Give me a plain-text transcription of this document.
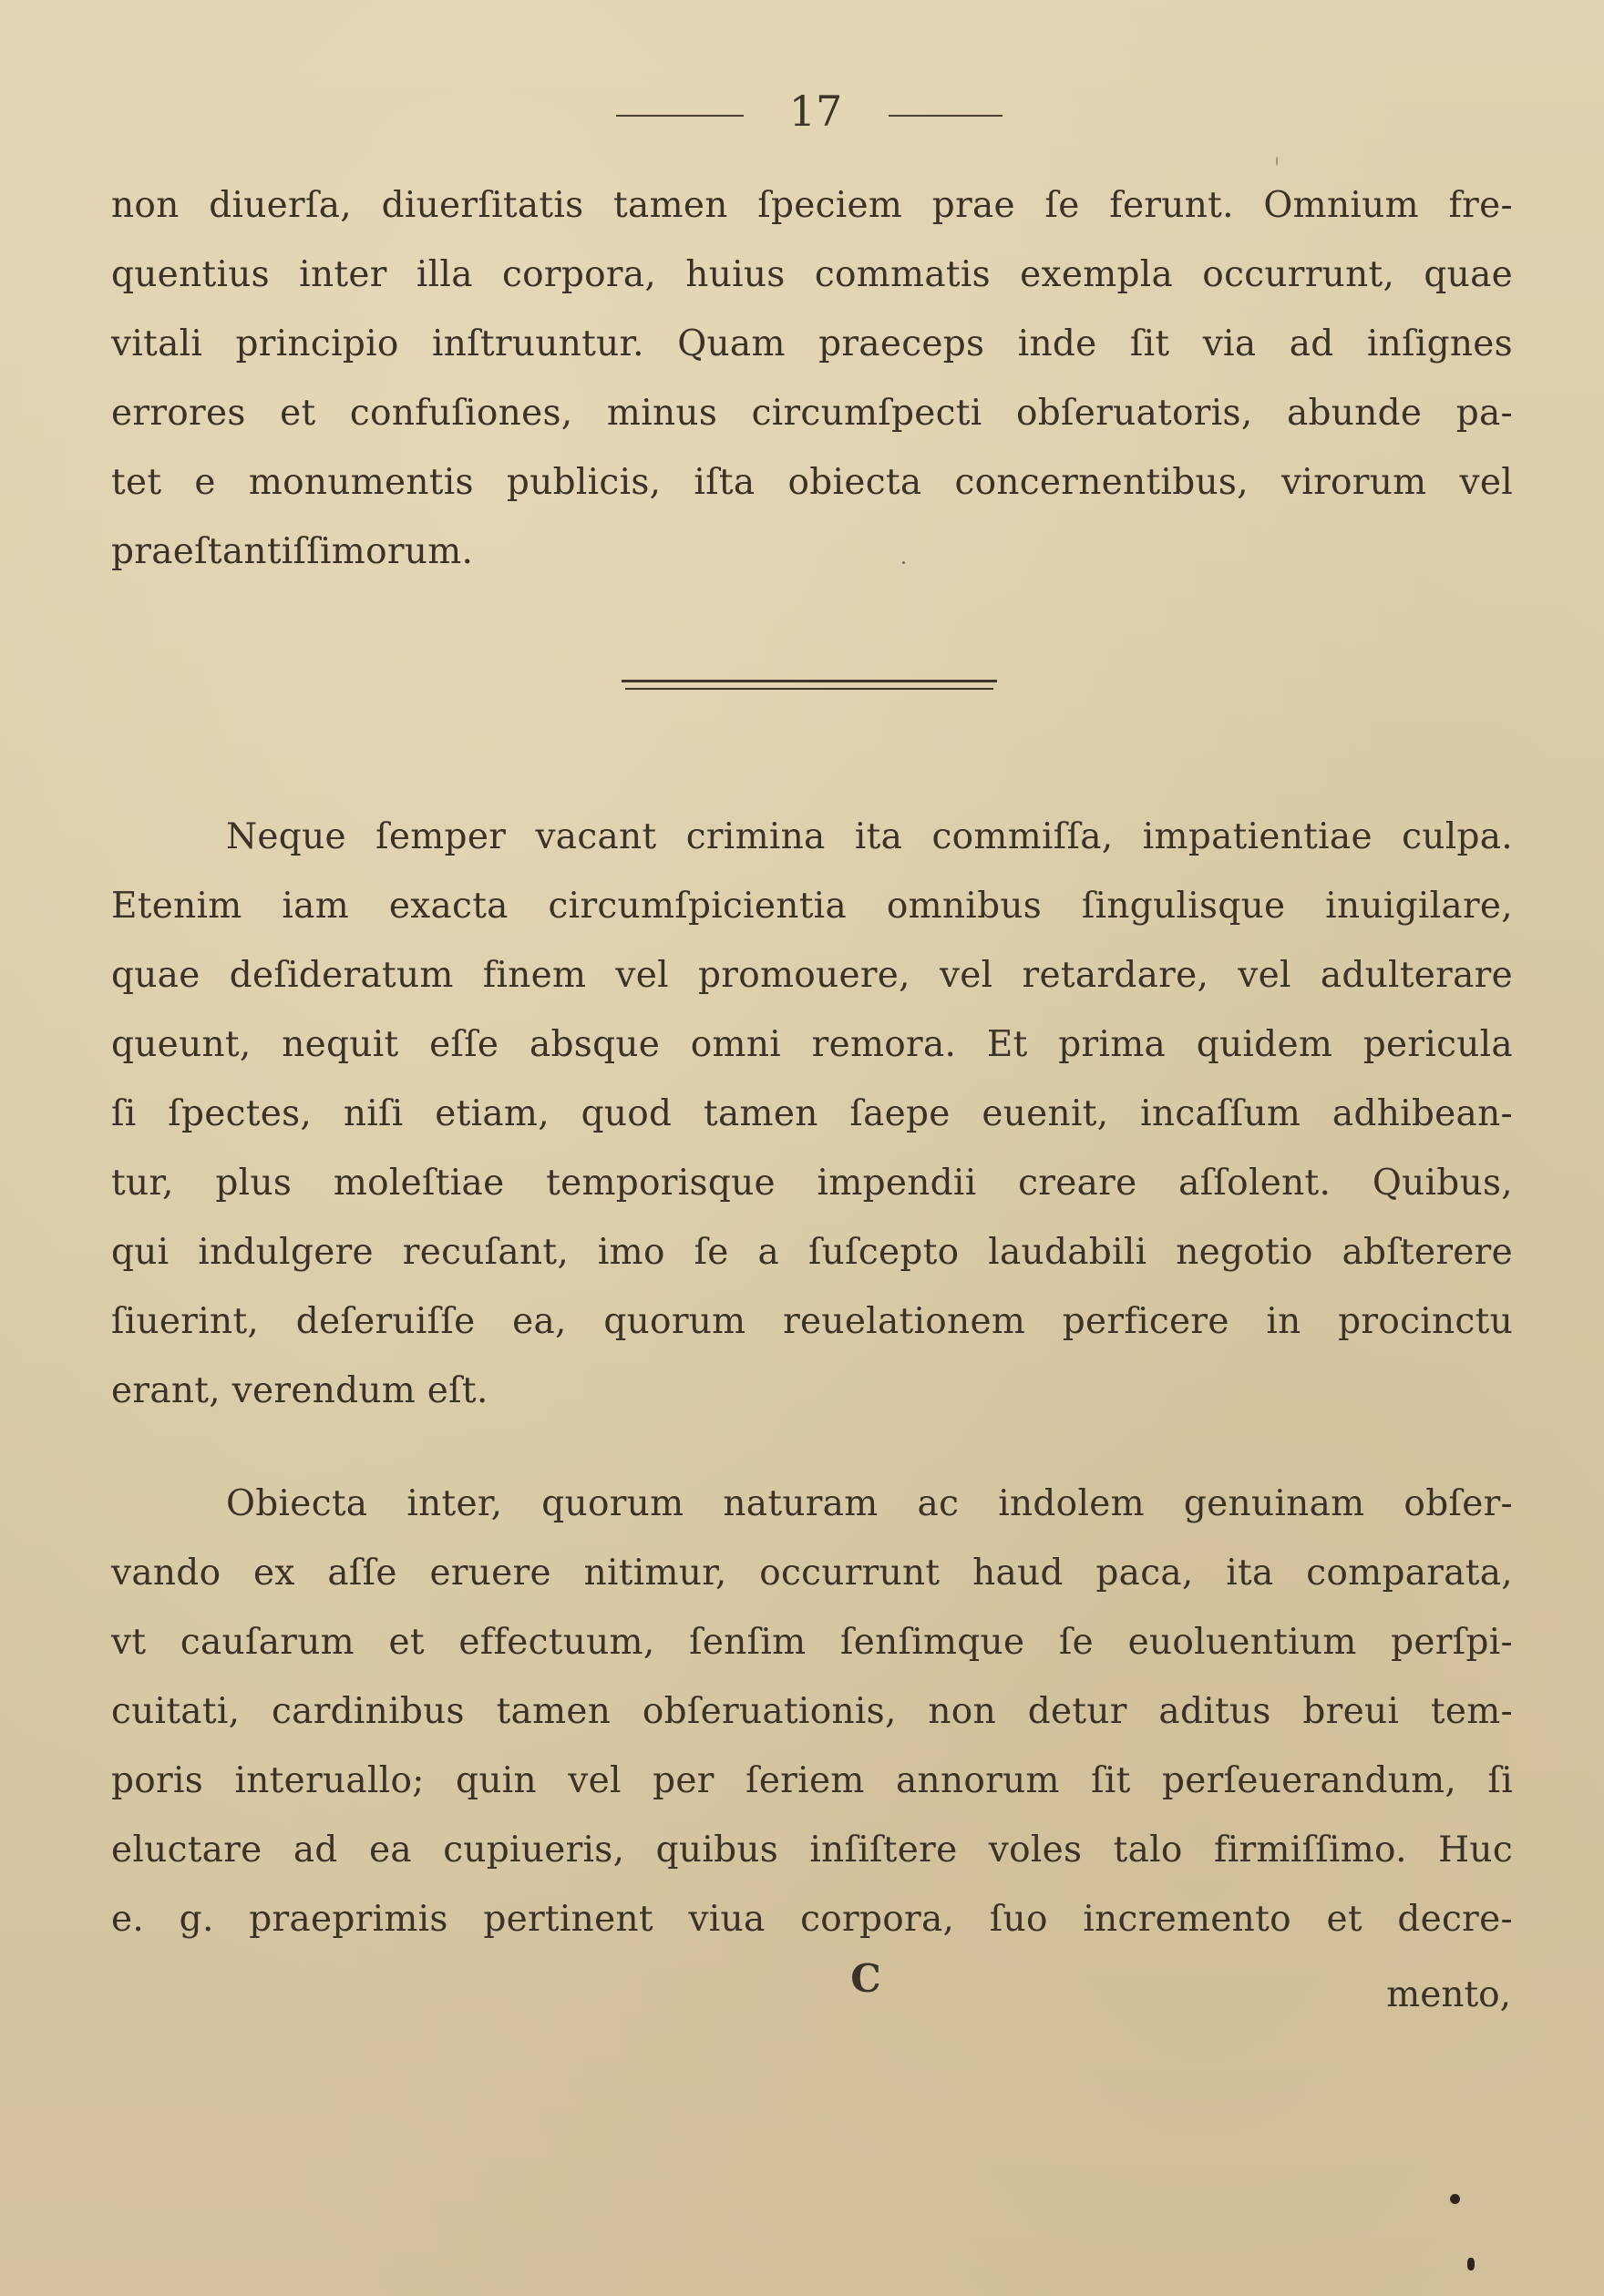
17

non diuerſa, diuerſitatis tamen ſpeciem prae ſe ferunt. Omnium fre-
quentius inter illa corpora, huius commatis exempla occurrunt, quae
vitali principio inſtruuntur. Quam praeceps inde ſit via ad inſignes
errores et confuſiones, minus circumſpecti obſeruatoris, abunde pa-
tet e monumentis publicis, iſta obiecta concernentibus, virorum vel
praeſtantiſſimorum.

Neque ſemper vacant crimina ita commiſſa, impatientiae culpa.
Etenim iam exacta circumſpicientia omnibus ſingulisque inuigilare,
quae deſideratum finem vel promouere, vel retardare, vel adulterare
queunt, nequit eſſe absque omni remora. Et prima quidem pericula
ſi ſpectes, niſi etiam, quod tamen ſaepe euenit, incaſſum adhibean-
tur, plus moleſtiae temporisque impendii creare aſſolent. Quibus,
qui indulgere recuſant, imo ſe a ſuſcepto laudabili negotio abſterere
ſiuerint, deſeruiſſe ea, quorum reuelationem perficere in procinctu
erant, verendum eſt.

Obiecta inter, quorum naturam ac indolem genuinam obſer-
vando ex aſſe eruere nitimur, occurrunt haud paca, ita comparata,
vt cauſarum et effectuum, ſenſim ſenſimque ſe euoluentium perſpi-
cuitati, cardinibus tamen obſeruationis, non detur aditus breui tem-
poris interuallo; quin vel per ſeriem annorum ſit perſeuerandum, ſi
eluctare ad ea cupiueris, quibus inſiſtere voles talo firmiſſimo. Huc
e. g. praeprimis pertinent viua corpora, ſuo incremento et decre-

C	mento,
